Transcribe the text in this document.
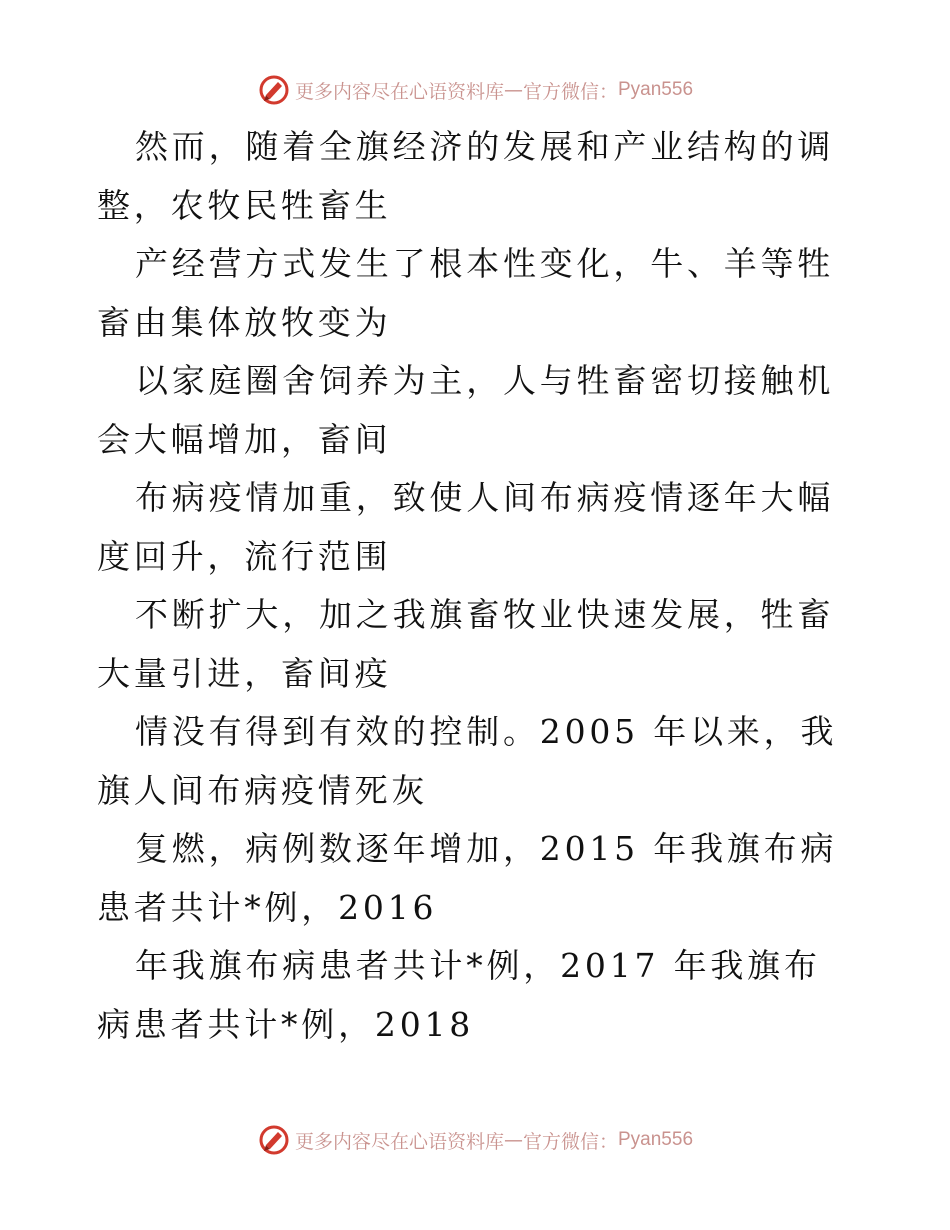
更多内容尽在心语资料库 — 官方微信： Pyan556

然而，随着全旗经济的发展和产业结构的调整，农牧民牲畜生

产经营方式发生了根本性变化，牛、羊等牲畜由集体放牧变为

以家庭圈舍饲养为主，人与牲畜密切接触机会大幅增加，畜间

布病疫情加重，致使人间布病疫情逐年大幅度回升，流行范围

不断扩大，加之我旗畜牧业快速发展，牲畜大量引进，畜间疫

情没有得到有效的控制。2005 年以来，我旗人间布病疫情死灰

复燃，病例数逐年增加，2015 年我旗布病患者共计*例，2016

年我旗布病患者共计*例，2017 年我旗布病患者共计*例，2018

更多内容尽在心语资料库 — 官方微信： Pyan556
